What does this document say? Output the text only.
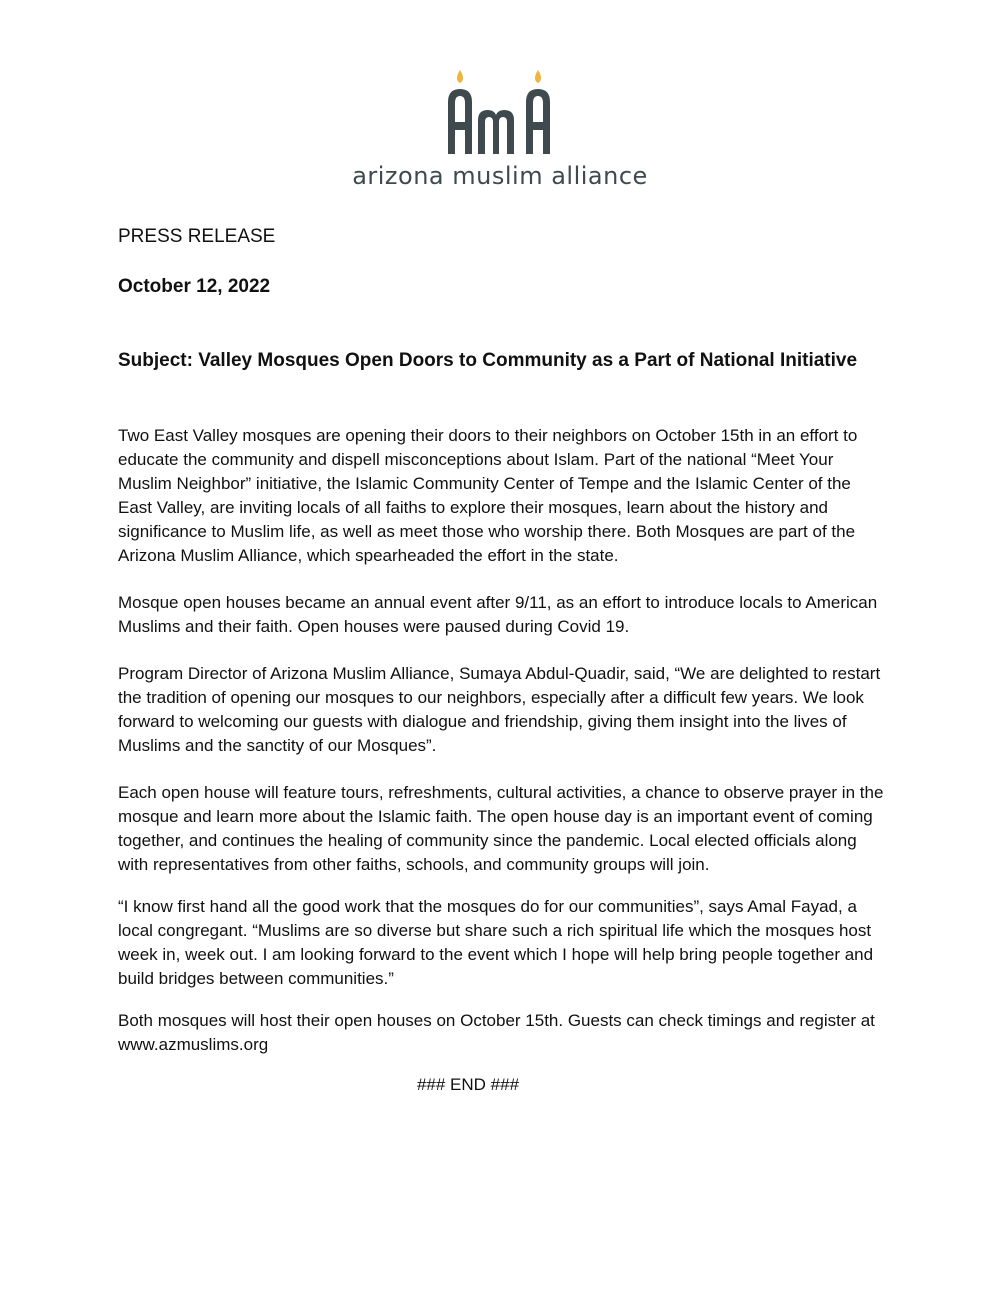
arizona muslim alliance

PRESS RELEASE

October 12, 2022

Subject: Valley Mosques Open Doors to Community as a Part of National Initiative

Two East Valley mosques are opening their doors to their neighbors on October 15th in an effort to educate the community and dispell misconceptions about Islam. Part of the national “Meet Your Muslim Neighbor” initiative, the Islamic Community Center of Tempe and the Islamic Center of the East Valley, are inviting locals of all faiths to explore their mosques, learn about the history and significance to Muslim life, as well as meet those who worship there. Both Mosques are part of the Arizona Muslim Alliance, which spearheaded the effort in the state.

Mosque open houses became an annual event after 9/11, as an effort to introduce locals to American Muslims and their faith. Open houses were paused during Covid 19.

Program Director of Arizona Muslim Alliance, Sumaya Abdul-Quadir, said, “We are delighted to restart the tradition of opening our mosques to our neighbors, especially after a difficult few years. We look forward to welcoming our guests with dialogue and friendship, giving them insight into the lives of Muslims and the sanctity of our Mosques”.

Each open house will feature tours, refreshments, cultural activities, a chance to observe prayer in the mosque and learn more about the Islamic faith. The open house day is an important event of coming together, and continues the healing of community since the pandemic. Local elected officials along with representatives from other faiths, schools, and community groups will join.

“I know first hand all the good work that the mosques do for our communities”, says Amal Fayad, a local congregant. “Muslims are so diverse but share such a rich spiritual life which the mosques host week in, week out. I am looking forward to the event which I hope will help bring people together and build bridges between communities.”

Both mosques will host their open houses on October 15th. Guests can check timings and register at www.azmuslims.org

### END ###
